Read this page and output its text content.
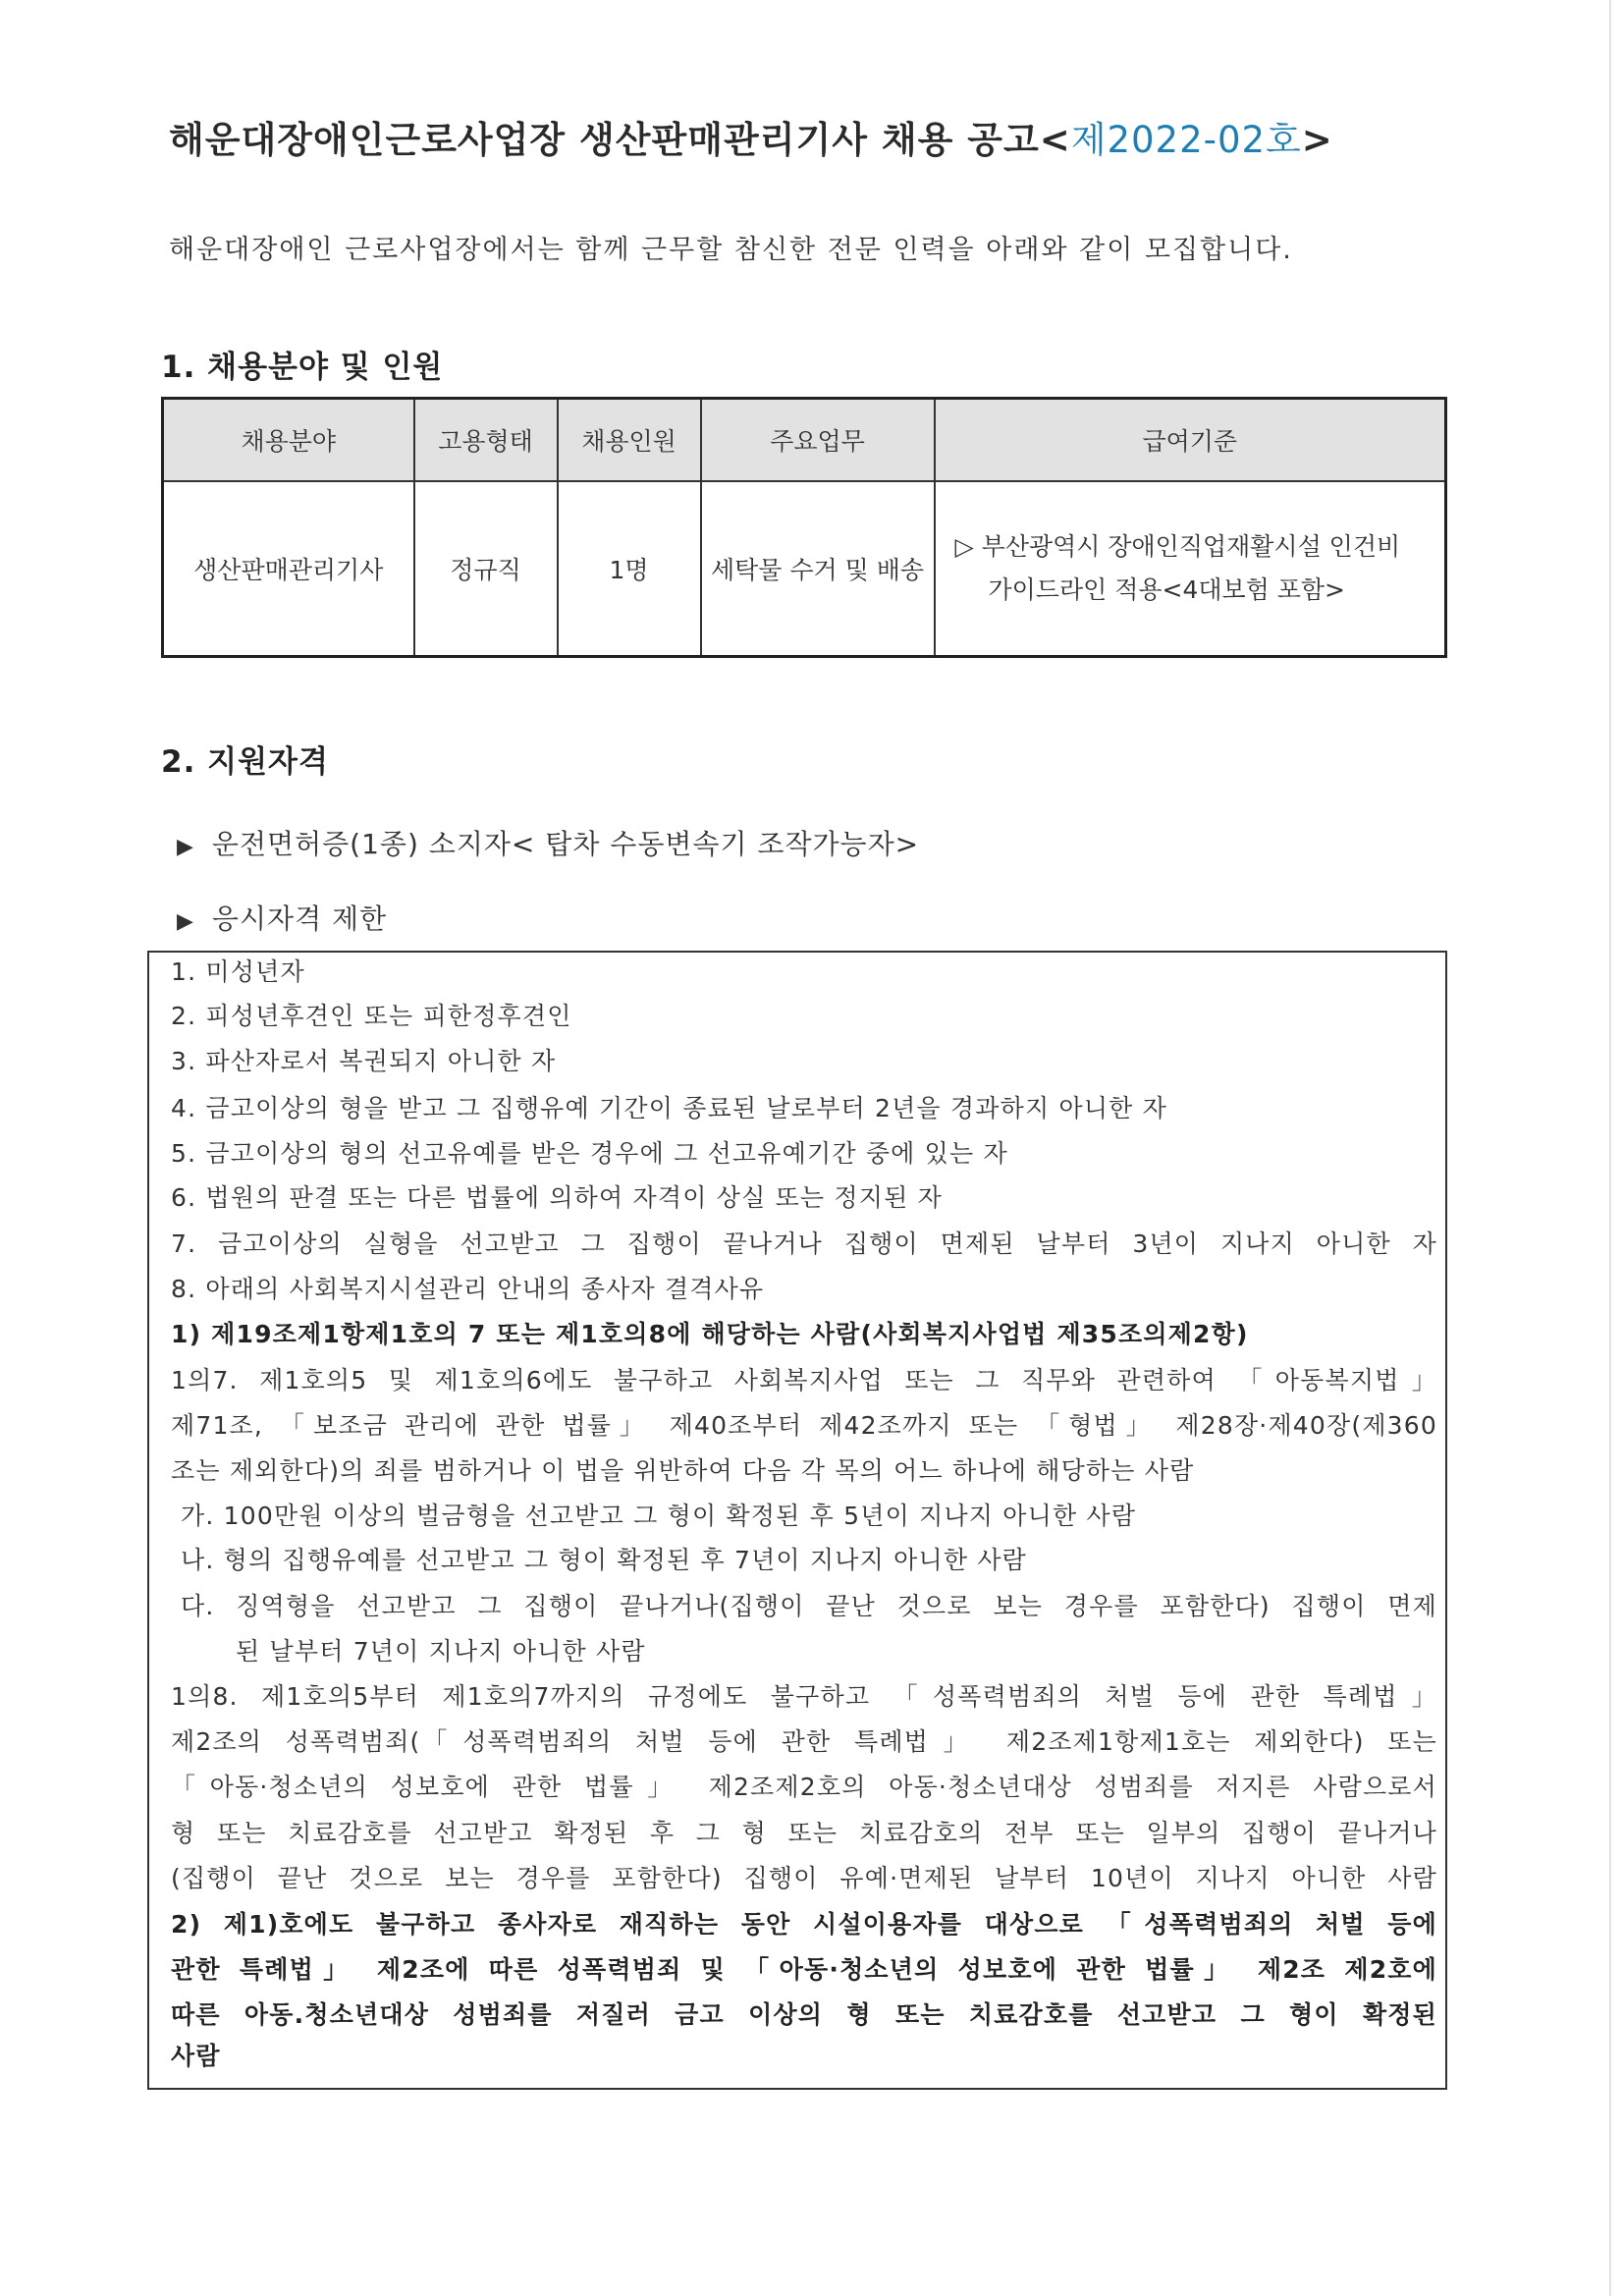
해운대장애인근로사업장 생산판매관리기사 채용 공고<제2022-02호>
해운대장애인 근로사업장에서는 함께 근무할 참신한 전문 인력을 아래와 같이 모집합니다.
1. 채용분야 및 인원
채용분야	고용형태	채용인원	주요업무	급여기준
생산판매관리기사	정규직	1명	세탁물 수거 및 배송	▷ 부산광역시 장애인직업재활시설 인건비
가이드라인 적용<4대보험 포함>
2. 지원자격
▶ 운전면허증(1종) 소지자< 탑차 수동변속기 조작가능자>
▶ 응시자격 제한
1. 미성년자
2. 피성년후견인 또는 피한정후견인
3. 파산자로서 복권되지 아니한 자
4. 금고이상의 형을 받고 그 집행유예 기간이 종료된 날로부터 2년을 경과하지 아니한 자
5. 금고이상의 형의 선고유예를 받은 경우에 그 선고유예기간 중에 있는 자
6. 법원의 판결 또는 다른 법률에 의하여 자격이 상실 또는 정지된 자
7. 금고이상의 실형을 선고받고 그 집행이 끝나거나 집행이 면제된 날부터 3년이 지나지 아니한 자
8. 아래의 사회복지시설관리 안내의 종사자 결격사유
1) 제19조제1항제1호의 7 또는 제1호의8에 해당하는 사람(사회복지사업법 제35조의제2항)
1의7. 제1호의5 및 제1호의6에도 불구하고 사회복지사업 또는 그 직무와 관련하여 「아동복지법」
제71조, 「보조금 관리에 관한 법률」 제40조부터 제42조까지 또는 「형법」 제28장·제40장(제360
조는 제외한다)의 죄를 범하거나 이 법을 위반하여 다음 각 목의 어느 하나에 해당하는 사람
가. 100만원 이상의 벌금형을 선고받고 그 형이 확정된 후 5년이 지나지 아니한 사람
나. 형의 집행유예를 선고받고 그 형이 확정된 후 7년이 지나지 아니한 사람
다. 징역형을 선고받고 그 집행이 끝나거나(집행이 끝난 것으로 보는 경우를 포함한다) 집행이 면제
된 날부터 7년이 지나지 아니한 사람
1의8. 제1호의5부터 제1호의7까지의 규정에도 불구하고 「성폭력범죄의 처벌 등에 관한 특례법」
제2조의 성폭력범죄(「성폭력범죄의 처벌 등에 관한 특례법」 제2조제1항제1호는 제외한다) 또는
「아동·청소년의 성보호에 관한 법률」 제2조제2호의 아동·청소년대상 성범죄를 저지른 사람으로서
형 또는 치료감호를 선고받고 확정된 후 그 형 또는 치료감호의 전부 또는 일부의 집행이 끝나거나
(집행이 끝난 것으로 보는 경우를 포함한다) 집행이 유예·면제된 날부터 10년이 지나지 아니한 사람
2) 제1)호에도 불구하고 종사자로 재직하는 동안 시설이용자를 대상으로 「성폭력범죄의 처벌 등에
관한 특례법」 제2조에 따른 성폭력범죄 및 「아동·청소년의 성보호에 관한 법률」 제2조 제2호에
따른 아동.청소년대상 성범죄를 저질러 금고 이상의 형 또는 치료감호를 선고받고 그 형이 확정된
사람
